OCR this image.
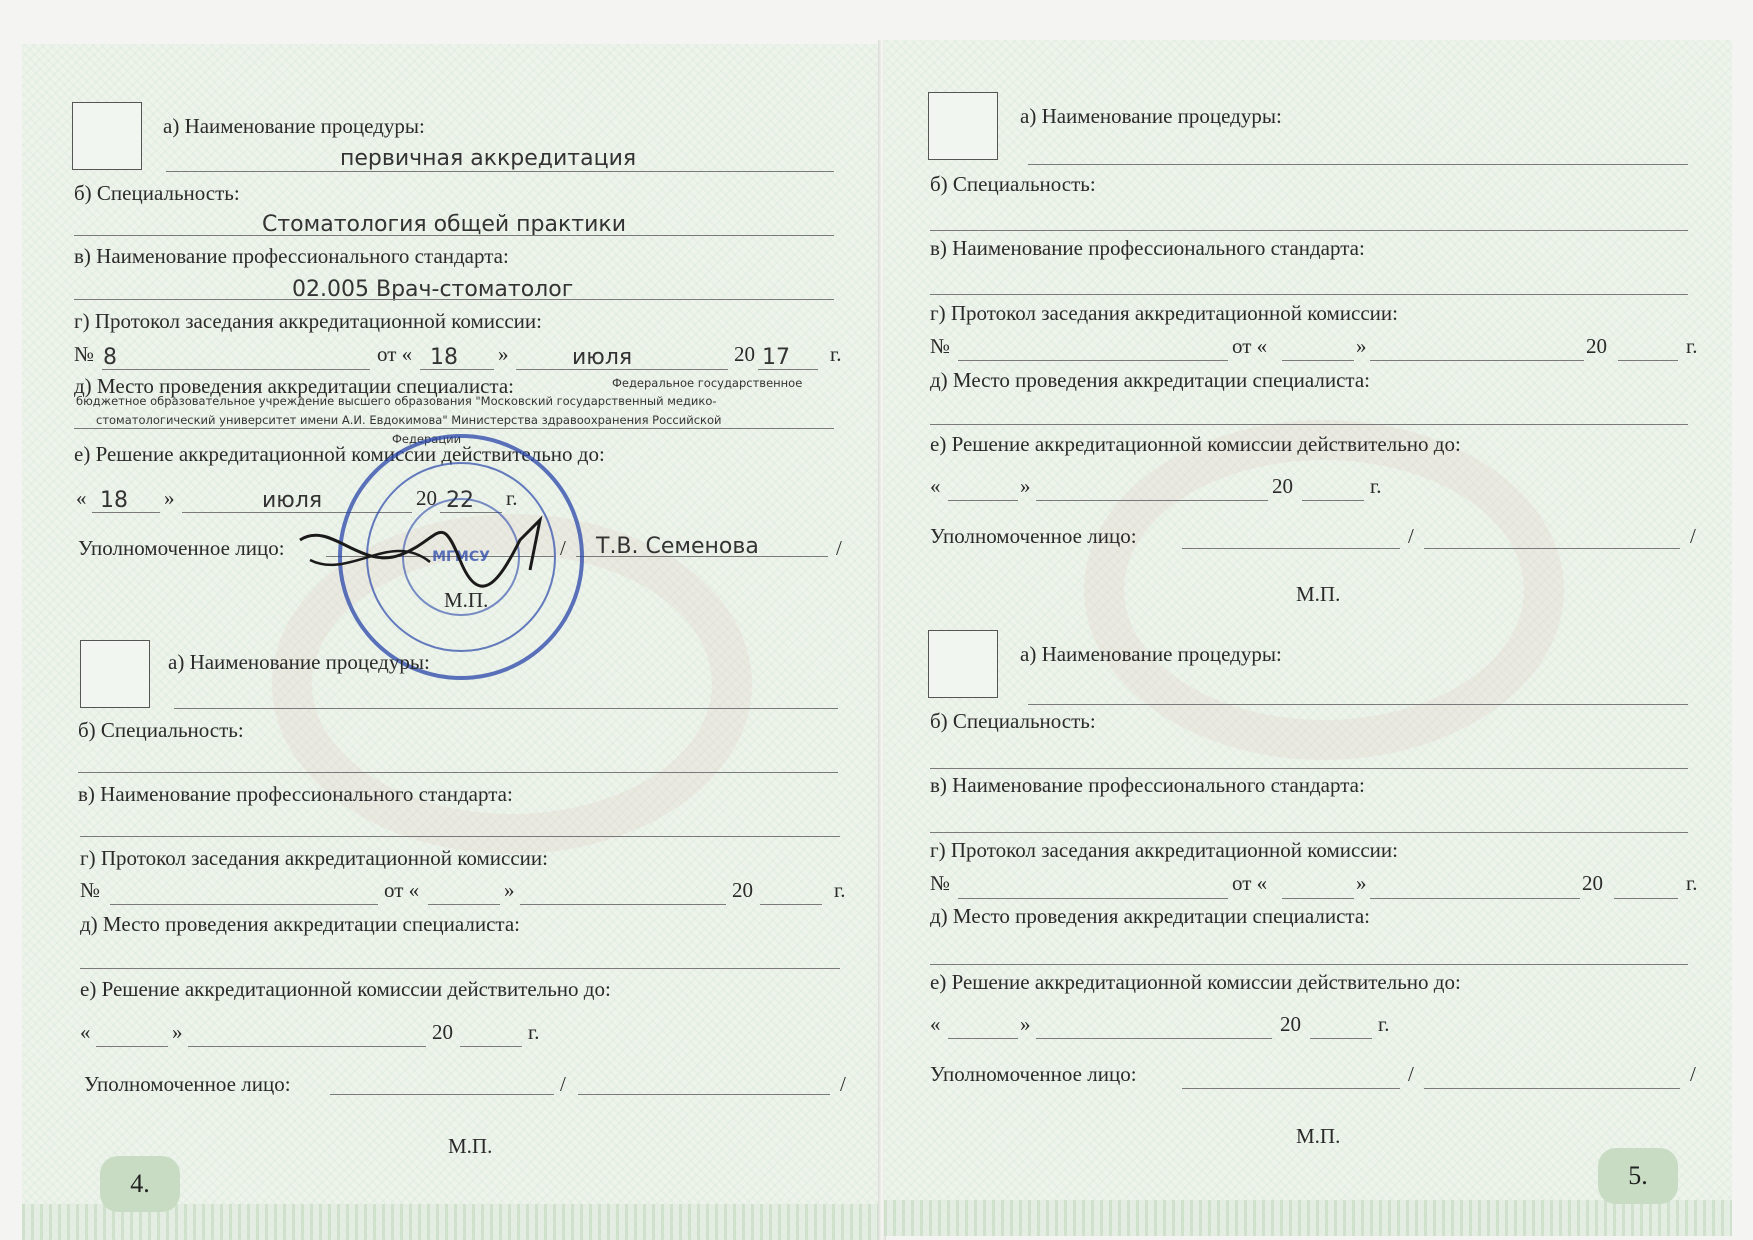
а) Наименование процедуры:
первичная аккредитация
б) Специальность:
Стоматология общей практики
в) Наименование профессионального стандарта:
02.005 Врач-стоматолог
г) Протокол заседания аккредитационной комиссии:
№ 8	от « 18 »	июля	20 17 г.
д) Место проведения аккредитации специалиста:	Федеральное государственное
бюджетное образовательное учреждение высшего образования "Московский государственный медико-
стоматологический университет имени А.И. Евдокимова" Министерства здравоохранения Российской
Федерации
е) Решение аккредитационной комиссии действительно до:
« 18 »	июля	20 22 г.
Уполномоченное лицо:	/ Т.В. Семенова	/
М.П.
МГМСУ
а) Наименование процедуры:
б) Специальность:
в) Наименование профессионального стандарта:
г) Протокол заседания аккредитационной комиссии:
№	от «	»	20	г.
д) Место проведения аккредитации специалиста:
е) Решение аккредитационной комиссии действительно до:
«	»	20	г.
Уполномоченное лицо:	/	/
М.П.
4.
а) Наименование процедуры:
б) Специальность:
в) Наименование профессионального стандарта:
г) Протокол заседания аккредитационной комиссии:
№	от «	»	20	г.
д) Место проведения аккредитации специалиста:
е) Решение аккредитационной комиссии действительно до:
«	»	20	г.
Уполномоченное лицо:	/	/
М.П.
а) Наименование процедуры:
б) Специальность:
в) Наименование профессионального стандарта:
г) Протокол заседания аккредитационной комиссии:
№	от «	»	20	г.
д) Место проведения аккредитации специалиста:
е) Решение аккредитационной комиссии действительно до:
«	»	20	г.
Уполномоченное лицо:	/	/
М.П.
5.
